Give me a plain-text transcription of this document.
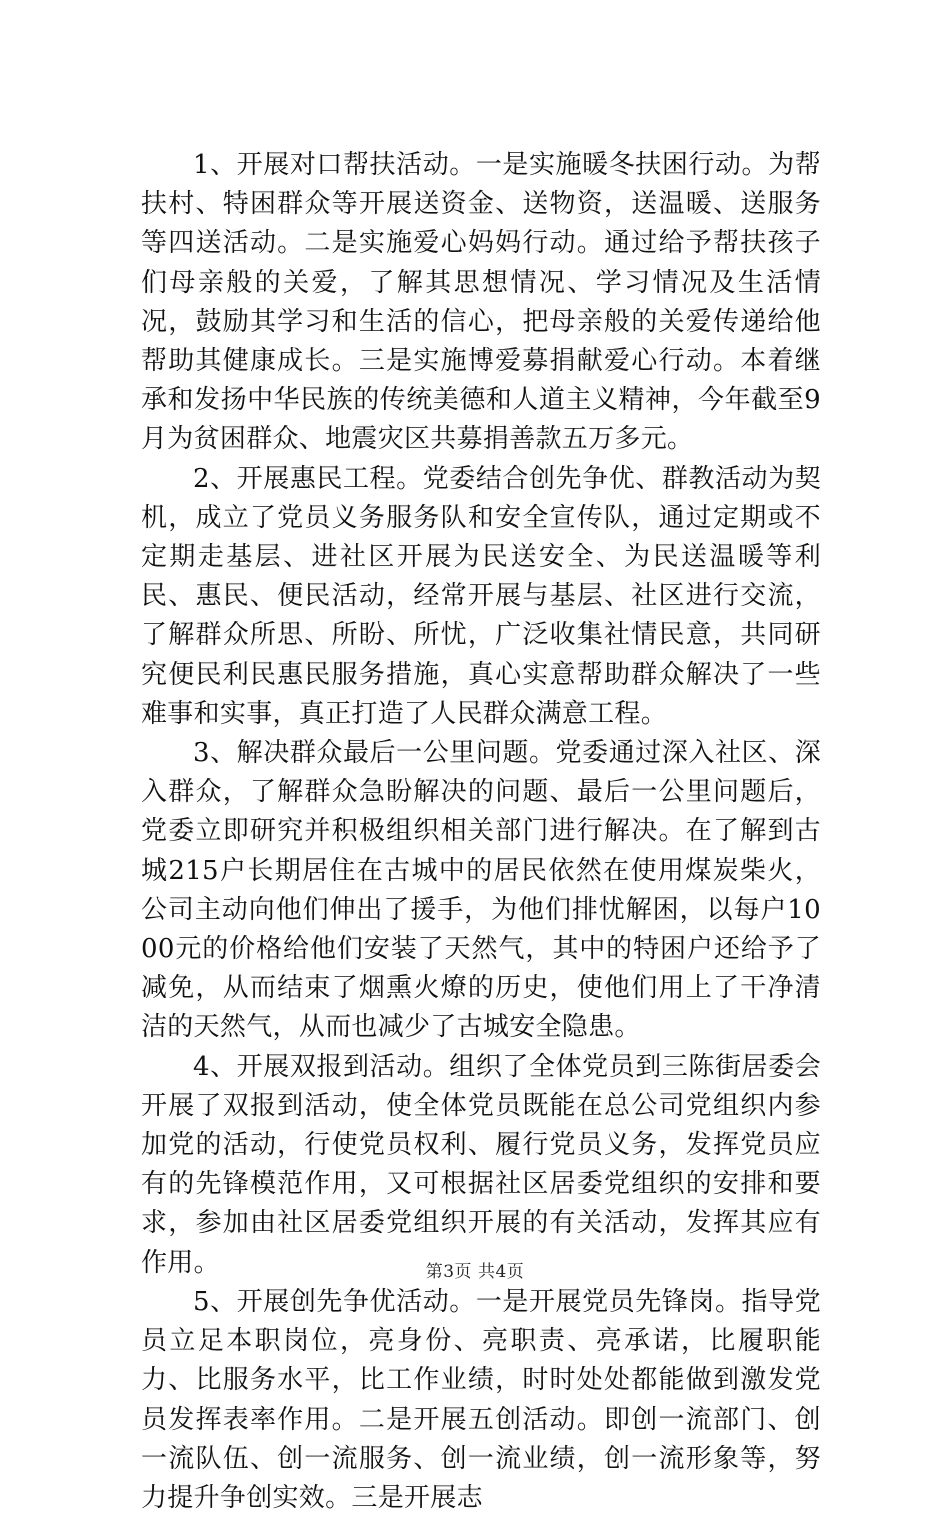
1、开展对口帮扶活动。一是实施暖冬扶困行动。为帮扶村、特困群众等开展送资金、送物资，送温暖、送服务等四送活动。二是实施爱心妈妈行动。通过给予帮扶孩子们母亲般的关爱，了解其思想情况、学习情况及生活情况，鼓励其学习和生活的信心，把母亲般的关爱传递给他帮助其健康成长。三是实施博爱募捐献爱心行动。本着继承和发扬中华民族的传统美德和人道主义精神，今年截至9月为贫困群众、地震灾区共募捐善款五万多元。

2、开展惠民工程。党委结合创先争优、群教活动为契机，成立了党员义务服务队和安全宣传队，通过定期或不定期走基层、进社区开展为民送安全、为民送温暖等利民、惠民、便民活动，经常开展与基层、社区进行交流，了解群众所思、所盼、所忧，广泛收集社情民意，共同研究便民利民惠民服务措施，真心实意帮助群众解决了一些难事和实事，真正打造了人民群众满意工程。

3、解决群众最后一公里问题。党委通过深入社区、深入群众，了解群众急盼解决的问题、最后一公里问题后，党委立即研究并积极组织相关部门进行解决。在了解到古城215户长期居住在古城中的居民依然在使用煤炭柴火，公司主动向他们伸出了援手，为他们排忧解困，以每户1000元的价格给他们安装了天然气，其中的特困户还给予了减免，从而结束了烟熏火燎的历史，使他们用上了干净清洁的天然气，从而也减少了古城安全隐患。

4、开展双报到活动。组织了全体党员到三陈街居委会开展了双报到活动，使全体党员既能在总公司党组织内参加党的活动，行使党员权利、履行党员义务，发挥党员应有的先锋模范作用，又可根据社区居委党组织的安排和要求，参加由社区居委党组织开展的有关活动，发挥其应有作用。

5、开展创先争优活动。一是开展党员先锋岗。指导党员立足本职岗位，亮身份、亮职责、亮承诺，比履职能力、比服务水平，比工作业绩，时时处处都能做到激发党员发挥表率作用。二是开展五创活动。即创一流部门、创一流队伍、创一流服务、创一流业绩，创一流形象等，努力提升争创实效。三是开展志

第3页 共4页
